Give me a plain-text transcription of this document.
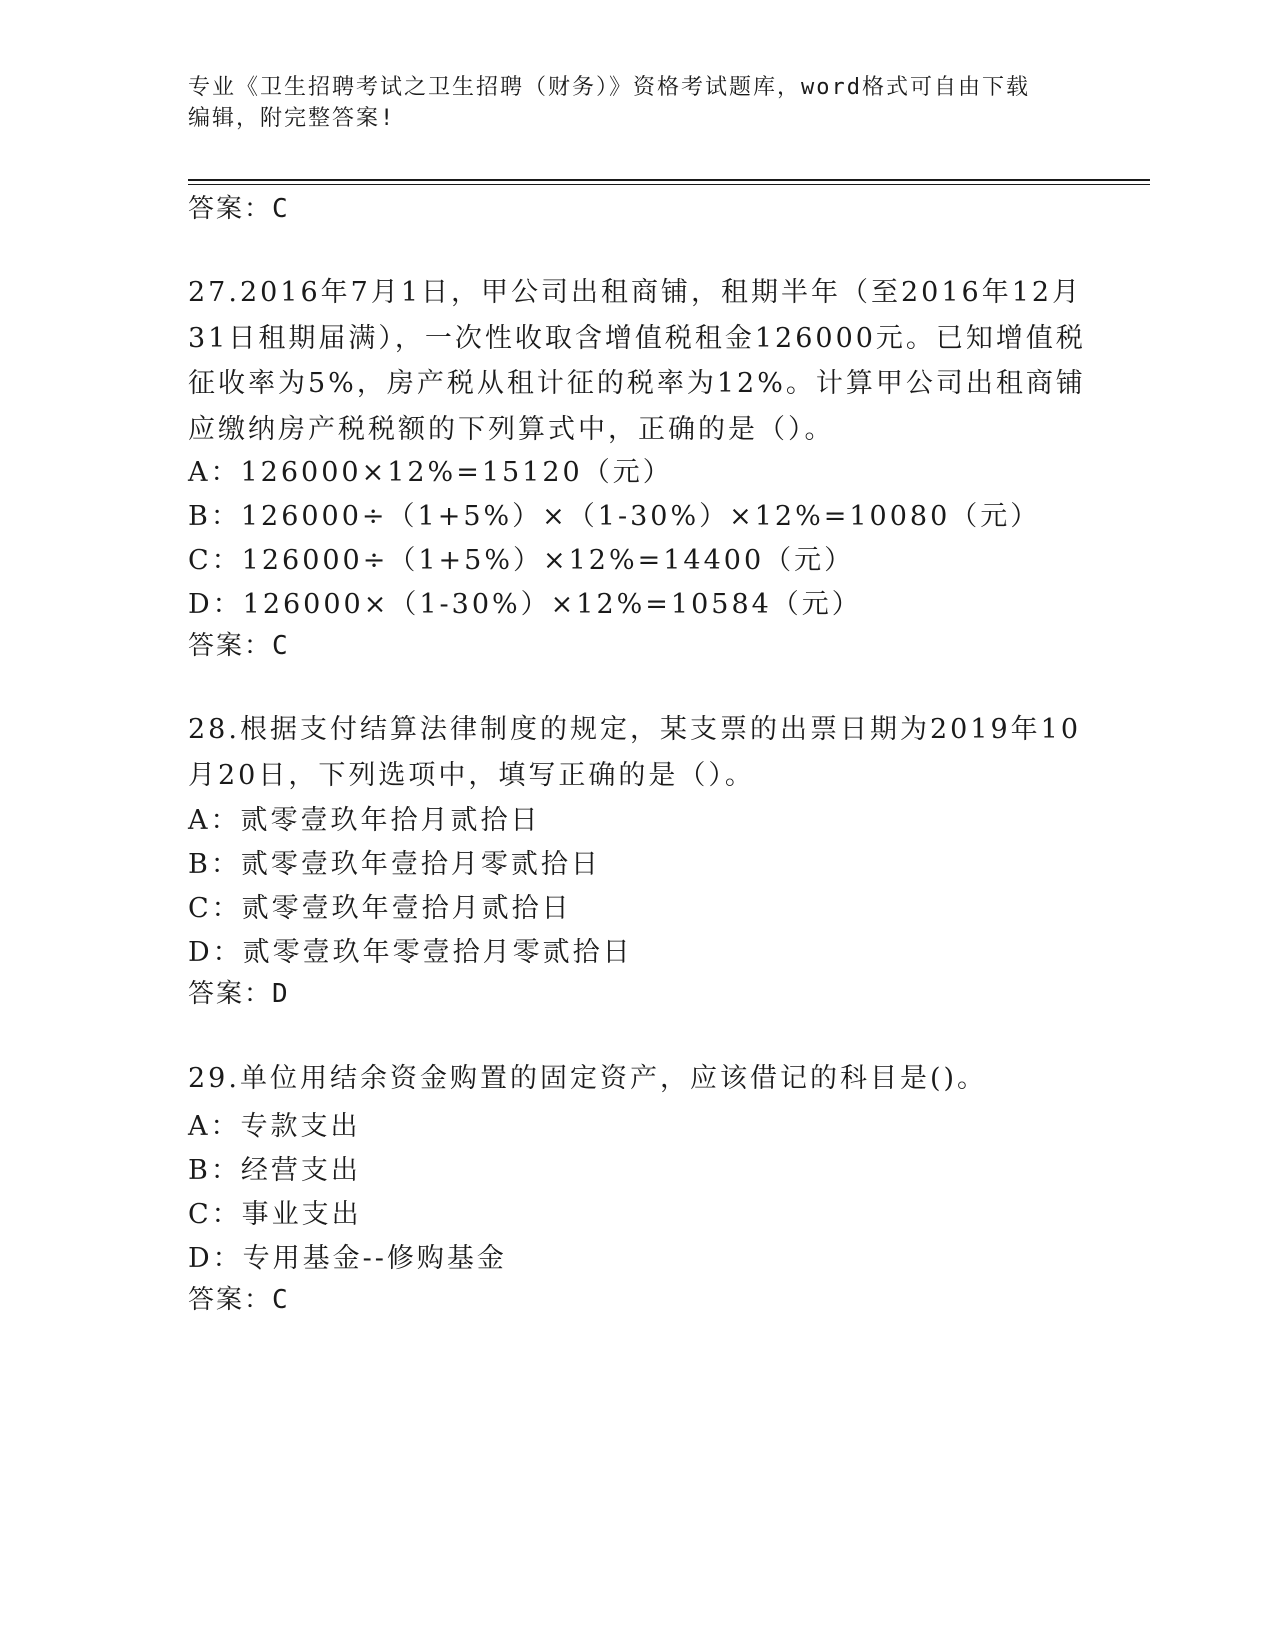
专业《卫生招聘考试之卫生招聘（财务）》资格考试题库，word格式可自由下载
编辑，附完整答案!
答案：C
27.2016年7月1日，甲公司出租商铺，租期半年（至2016年12月31日租期届满），一次性收取含增值税租金126000元。已知增值税征收率为5%，房产税从租计征的税率为12%。计算甲公司出租商铺应缴纳房产税税额的下列算式中，正确的是（）。
A：126000×12%=15120（元）
B：126000÷（1+5%）×（1-30%）×12%=10080（元）
C：126000÷（1+5%）×12%=14400（元）
D：126000×（1-30%）×12%=10584（元）
答案：C
28.根据支付结算法律制度的规定，某支票的出票日期为2019年10月20日，下列选项中，填写正确的是（）。
A：贰零壹玖年拾月贰拾日
B：贰零壹玖年壹拾月零贰拾日
C：贰零壹玖年壹拾月贰拾日
D：贰零壹玖年零壹拾月零贰拾日
答案：D
29.单位用结余资金购置的固定资产，应该借记的科目是()。
A：专款支出
B：经营支出
C：事业支出
D：专用基金--修购基金
答案：C
